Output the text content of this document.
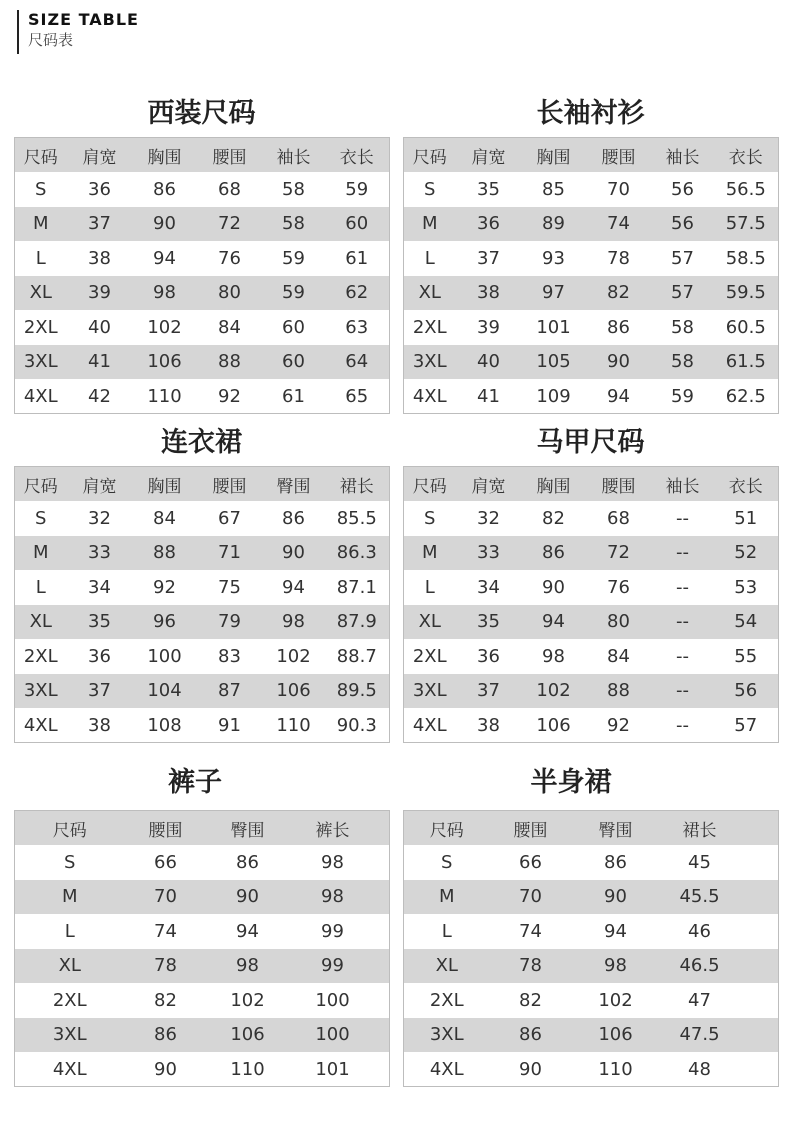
SIZE TABLE
尺码表
西装尺码
尺码	肩宽	胸围	腰围	袖长	衣长
S	36	86	68	58	59
M	37	90	72	58	60
L	38	94	76	59	61
XL	39	98	80	59	62
2XL	40	102	84	60	63
3XL	41	106	88	60	64
4XL	42	110	92	61	65
长袖衬衫
尺码	肩宽	胸围	腰围	袖长	衣长
S	35	85	70	56	56.5
M	36	89	74	56	57.5
L	37	93	78	57	58.5
XL	38	97	82	57	59.5
2XL	39	101	86	58	60.5
3XL	40	105	90	58	61.5
4XL	41	109	94	59	62.5
连衣裙
尺码	肩宽	胸围	腰围	臀围	裙长
S	32	84	67	86	85.5
M	33	88	71	90	86.3
L	34	92	75	94	87.1
XL	35	96	79	98	87.9
2XL	36	100	83	102	88.7
3XL	37	104	87	106	89.5
4XL	38	108	91	110	90.3
马甲尺码
尺码	肩宽	胸围	腰围	袖长	衣长
S	32	82	68	--	51
M	33	86	72	--	52
L	34	90	76	--	53
XL	35	94	80	--	54
2XL	36	98	84	--	55
3XL	37	102	88	--	56
4XL	38	106	92	--	57
裤子
尺码	腰围	臀围	裤长	
S	66	86	98	
M	70	90	98	
L	74	94	99	
XL	78	98	99	
2XL	82	102	100	
3XL	86	106	100	
4XL	90	110	101	
半身裙
尺码	腰围	臀围	裙长	
S	66	86	45	
M	70	90	45.5	
L	74	94	46	
XL	78	98	46.5	
2XL	82	102	47	
3XL	86	106	47.5	
4XL	90	110	48	
